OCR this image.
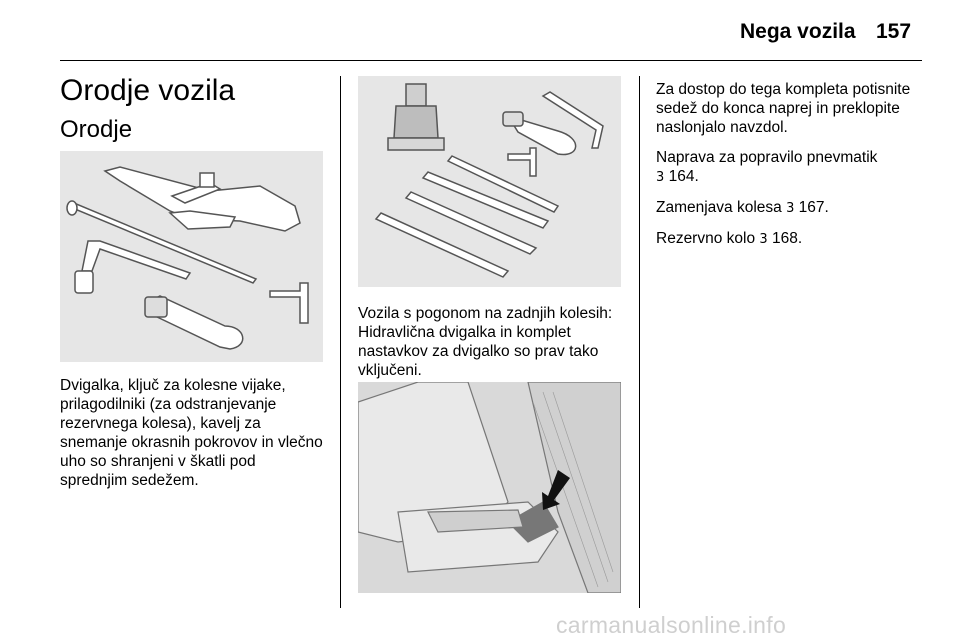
Nega vozila 157
Orodje vozila
Orodje
Dvigalka, ključ za kolesne vijake, prilagodilniki (za odstranjevanje rezervnega kolesa), kavelj za snemanje okrasnih pokrovov in vlečno uho so shranjeni v škatli pod sprednjim sedežem.
Vozila s pogonom na zadnjih kolesih: Hidravlična dvigalka in komplet nastavkov za dvigalko so prav tako vključeni.

Za dostop do tega kompleta potisnite sedež do konca naprej in preklopite naslonjalo navzdol.

Naprava za popravilo pnevmatik
3 164.

Zamenjava kolesa 3 167.

Rezervno kolo 3 168.

carmanualsonline.info
